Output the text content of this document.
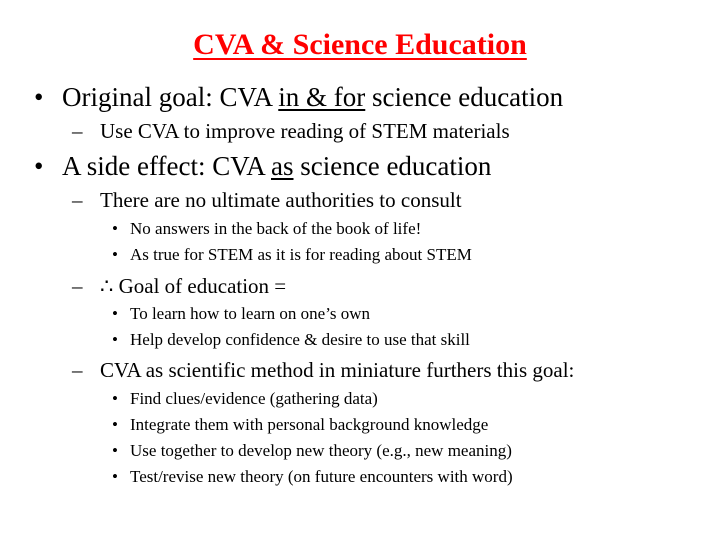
CVA & Science Education
• Original goal: CVA in & for science education
– Use CVA to improve reading of STEM materials
• A side effect: CVA as science education
– There are no ultimate authorities to consult
• No answers in the back of the book of life!
• As true for STEM as it is for reading about STEM
– ∴ Goal of education =
• To learn how to learn on one’s own
• Help develop confidence & desire to use that skill
– CVA as scientific method in miniature furthers this goal:
• Find clues/evidence (gathering data)
• Integrate them with personal background knowledge
• Use together to develop new theory (e.g., new meaning)
• Test/revise new theory (on future encounters with word)
